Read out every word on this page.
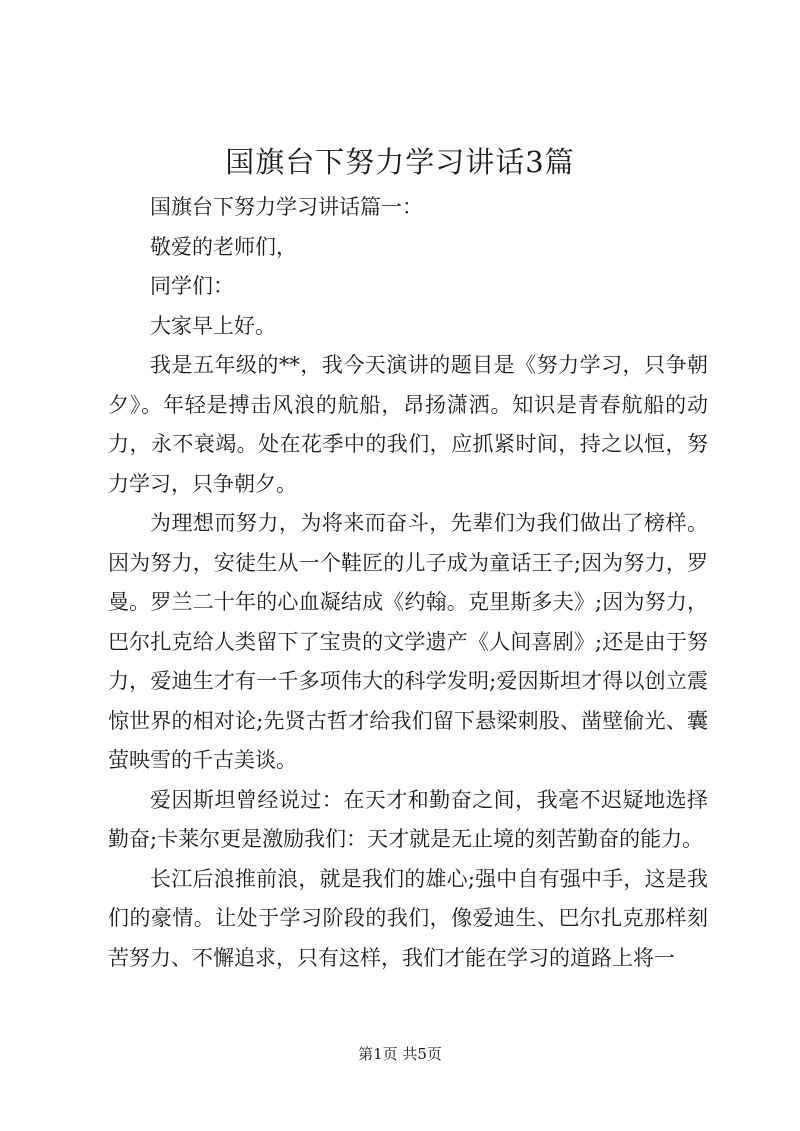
国旗台下努力学习讲话3篇

国旗台下努力学习讲话篇一：

敬爱的老师们，

同学们：

大家早上好。

我是五年级的**，我今天演讲的题目是《努力学习，只争朝夕》。年轻是搏击风浪的航船，昂扬潇洒。知识是青春航船的动力，永不衰竭。处在花季中的我们，应抓紧时间，持之以恒，努力学习，只争朝夕。

为理想而努力，为将来而奋斗，先辈们为我们做出了榜样。因为努力，安徒生从一个鞋匠的儿子成为童话王子;因为努力，罗曼。罗兰二十年的心血凝结成《约翰。克里斯多夫》;因为努力，巴尔扎克给人类留下了宝贵的文学遗产《人间喜剧》;还是由于努力，爱迪生才有一千多项伟大的科学发明;爱因斯坦才得以创立震惊世界的相对论;先贤古哲才给我们留下悬梁刺股、凿壁偷光、囊萤映雪的千古美谈。

爱因斯坦曾经说过：在天才和勤奋之间，我毫不迟疑地选择勤奋;卡莱尔更是激励我们：天才就是无止境的刻苦勤奋的能力。

长江后浪推前浪，就是我们的雄心;强中自有强中手，这是我们的豪情。让处于学习阶段的我们，像爱迪生、巴尔扎克那样刻苦努力、不懈追求，只有这样，我们才能在学习的道路上将一

第1页 共5页
